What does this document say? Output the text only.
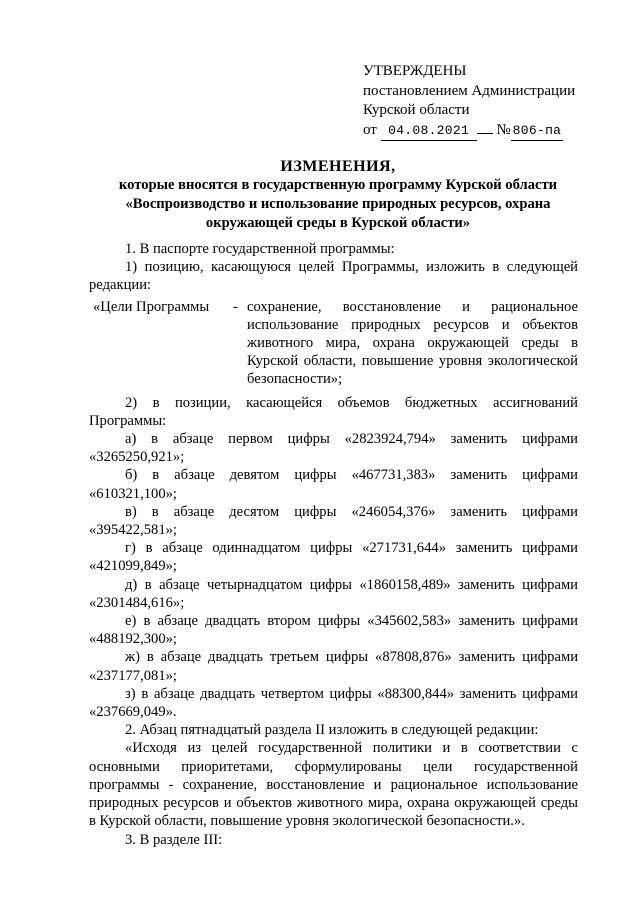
УТВЕРЖДЕНЫ
постановлением Администрации
Курской области
от 04.08.2021 № 806-па
ИЗМЕНЕНИЯ,
которые вносятся в государственную программу Курской области «Воспроизводство и использование природных ресурсов, охрана окружающей среды в Курской области»

1. В паспорте государственной программы:

1) позицию, касающуюся целей Программы, изложить в следующей редакции:

«Цели Программы	- сохранение, восстановление и рациональное использование природных ресурсов и объектов животного мира, охрана окружающей среды в Курской области, повышение уровня экологической безопасности»;

2) в позиции, касающейся объемов бюджетных ассигнований Программы:

а) в абзаце первом цифры «2823924,794» заменить цифрами «3265250,921»;

б) в абзаце девятом цифры «467731,383» заменить цифрами «610321,100»;

в) в абзаце десятом цифры «246054,376» заменить цифрами «395422,581»;

г) в абзаце одиннадцатом цифры «271731,644» заменить цифрами «421099,849»;

д) в абзаце четырнадцатом цифры «1860158,489» заменить цифрами «2301484,616»;

е) в абзаце двадцать втором цифры «345602,583» заменить цифрами «488192,300»;

ж) в абзаце двадцать третьем цифры «87808,876» заменить цифрами «237177,081»;

з) в абзаце двадцать четвертом цифры «88300,844» заменить цифрами «237669,049».

2. Абзац пятнадцатый раздела II изложить в следующей редакции:

«Исходя из целей государственной политики и в соответствии с основными приоритетами, сформулированы цели государственной программы - сохранение, восстановление и рациональное использование природных ресурсов и объектов животного мира, охрана окружающей среды в Курской области, повышение уровня экологической безопасности.».

3. В разделе III:
